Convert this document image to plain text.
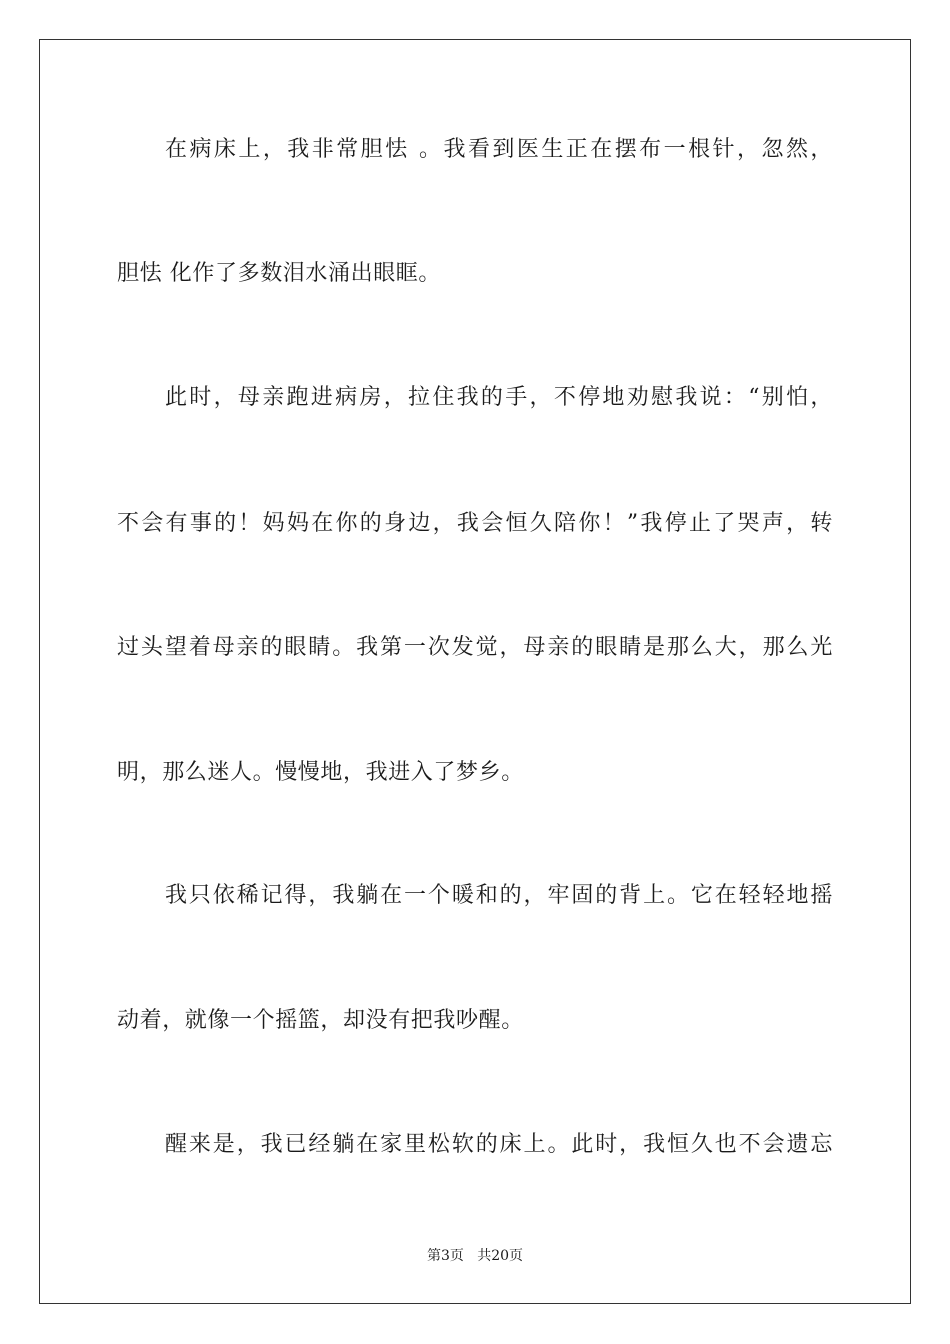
在病床上，我非常胆怯 。我看到医生正在摆布一根针，忽然，
胆怯 化作了多数泪水涌出眼眶。
此时，母亲跑进病房，拉住我的手，不停地劝慰我说：“别怕，
不会有事的！妈妈在你的身边，我会恒久陪你！”我停止了哭声，转
过头望着母亲的眼睛。我第一次发觉，母亲的眼睛是那么大，那么光
明，那么迷人。慢慢地，我进入了梦乡。
我只依稀记得，我躺在一个暖和的，牢固的背上。它在轻轻地摇
动着，就像一个摇篮，却没有把我吵醒。
醒来是，我已经躺在家里松软的床上。此时，我恒久也不会遗忘
第3页   共20页
